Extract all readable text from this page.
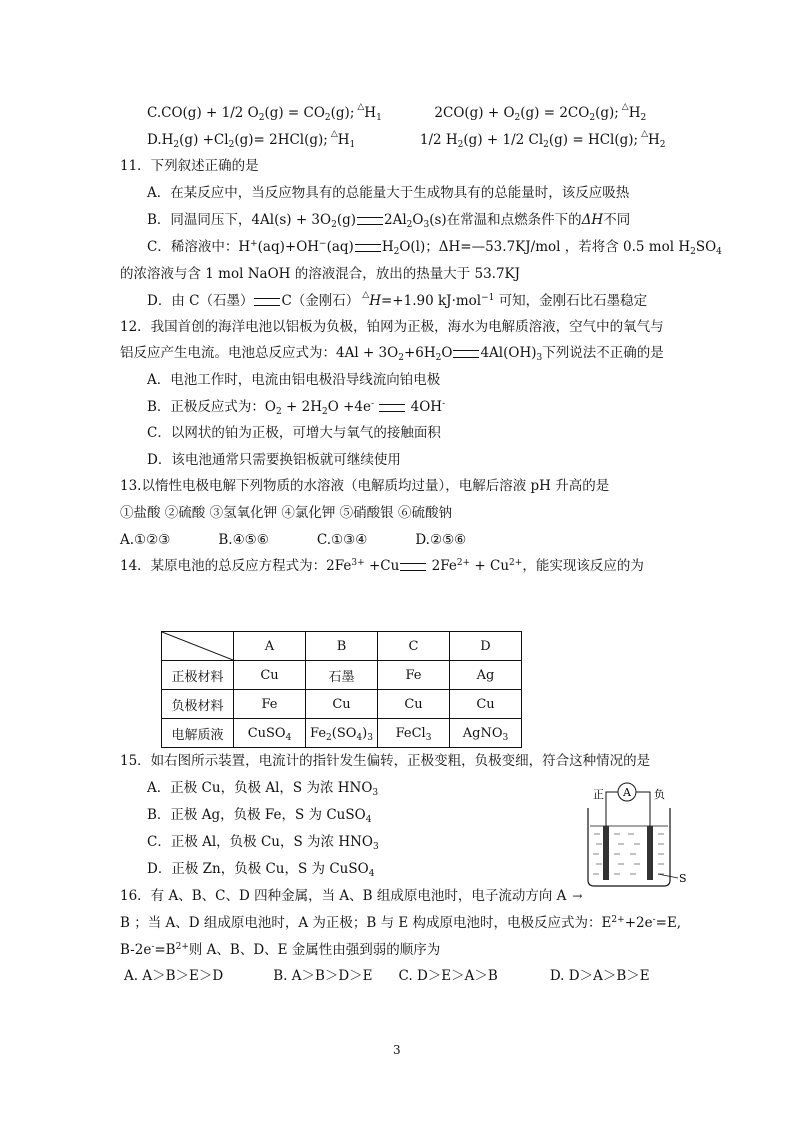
C.CO(g) + 1/2 $O_2(g) = CO_2(g)$; $^\triangle H_1$	$2CO(g) + O_2(g) = 2CO_2(g)$; $^\triangle H_2$
$D.H_2(g) +Cl_2(g)= 2HCl(g)$; $^\triangle H_1$	1/2 $H_2(g) + 1/2$ $Cl_2(g) = HCl(g)$; $^\triangle H_2$
11．下列叙述正确的是
A．在某反应中，当反应物具有的总能量大于生成物具有的总能量时，该反应吸热
B．同温同压下，$4Al(s) + 3O_2(g)$ $2Al_2O_3(s)$在常温和点燃条件下的ΔH不同
C．稀溶液中：H+(aq)+OH−(aq) $H_2O(l)$；ΔH=—53.7KJ/mol ，若将含 0.5 mol $H_2SO_4$
的浓溶液与含 1 mol NaOH 的溶液混合，放出的热量大于 53.7KJ
D．由 C（石墨） C（金刚石） △H=+1.90 kJ·mol$^{-1}$ 可知，金刚石比石墨稳定
12．我国首创的海洋电池以铝板为负极，铂网为正极，海水为电解质溶液，空气中的氧气与
铝反应产生电流。电池总反应式为：$4Al + 3O_2+6H_2O$ $4Al(OH)_3$下列说法不正确的是
A．电池工作时，电流由铝电极沿导线流向铂电极
B．正极反应式为：$O_2 + 2H_2O +4e^-$	4OH-
C．以网状的铂为正极，可增大与氧气的接触面积
D．该电池通常只需要换铝板就可继续使用
13.以惰性电极电解下列物质的水溶液（电解质均过量），电解后溶液 pH 升高的是
①盐酸 ②硫酸 ③氢氧化钾 ④氯化钾 ⑤硝酸银 ⑥硫酸钠
A.①②③	B.④⑤⑥	C.①③④	D.②⑤⑥
14．某原电池的总反应方程式为：$2Fe^{3+} +Cu$ $2Fe^{2+} + Cu^{2+}$，能实现该反应的为
	A	B	C	D
正极材料	Cu	石墨	Fe	Ag
负极材料	Fe	Cu	Cu	Cu
电解质液	CuSO$_4$	$Fe_2(SO_4)_3$	FeCl$_3$	AgNO$_3$
15．如右图所示装置，电流计的指针发生偏转，正极变粗，负极变细，符合这种情况的是
A．正极 Cu，负极 Al，S 为浓 $HNO_3$
B．正极 Ag，负极 Fe，S 为 CuSO$_4$
C．正极 Al，负极 Cu，S 为浓 $HNO_3$
D．正极 Zn，负极 Cu，S 为 CuSO$_4$
A
正	负
S
16．有 A、B、C、D 四种金属，当 A、B 组成原电池时，电子流动方向 A →
B ；当 A、D 组成原电池时，A 为正极；B 与 E 构成原电池时，电极反应式为：$E^{2+}+2e^-=E$,
$B-2e^-=B^{2+}$则 A、B、D、E 金属性由强到弱的顺序为
A. A＞B＞E＞D	B. A＞B＞D＞E C. D＞E＞A＞B	D. D＞A＞B＞E
3
